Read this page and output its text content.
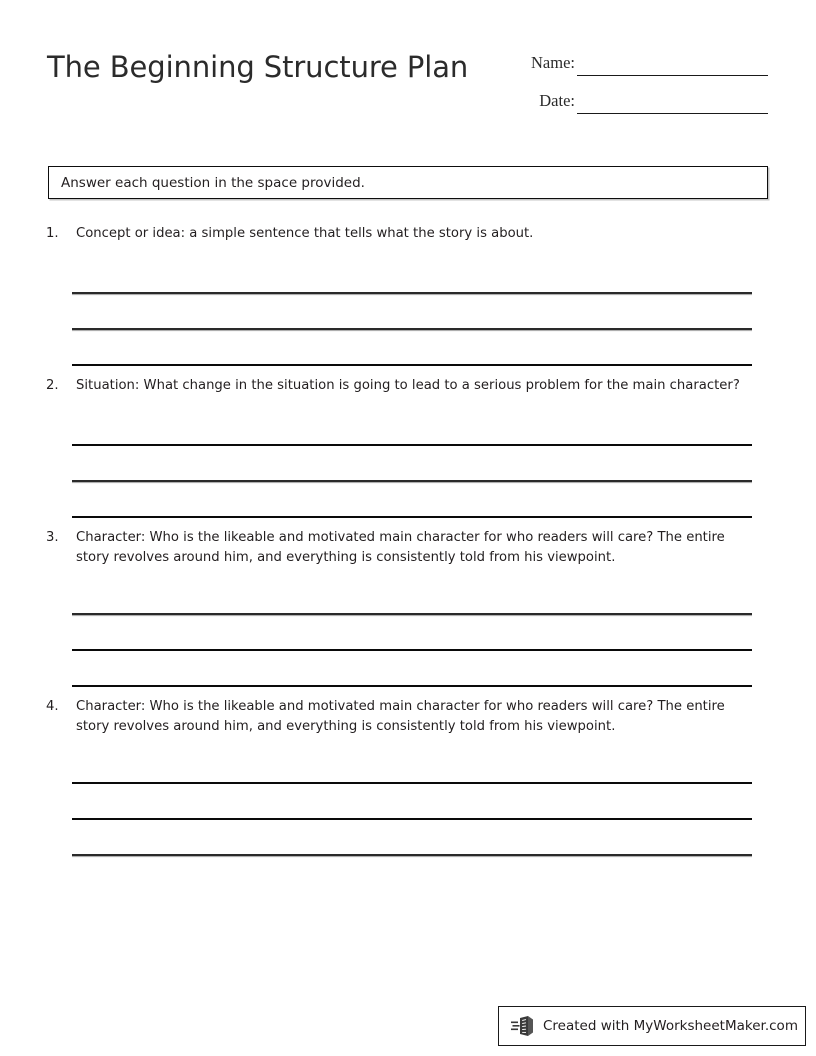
The Beginning Structure Plan	Name:
Date:
Answer each question in the space provided.
1.	Concept or idea: a simple sentence that tells what the story is about.
2.	Situation: What change in the situation is going to lead to a serious problem for the main character?
3.	Character: Who is the likeable and motivated main character for who readers will care? The entire story revolves around him, and everything is consistently told from his viewpoint.
4.	Character: Who is the likeable and motivated main character for who readers will care? The entire story revolves around him, and everything is consistently told from his viewpoint.
Created with MyWorksheetMaker.com
